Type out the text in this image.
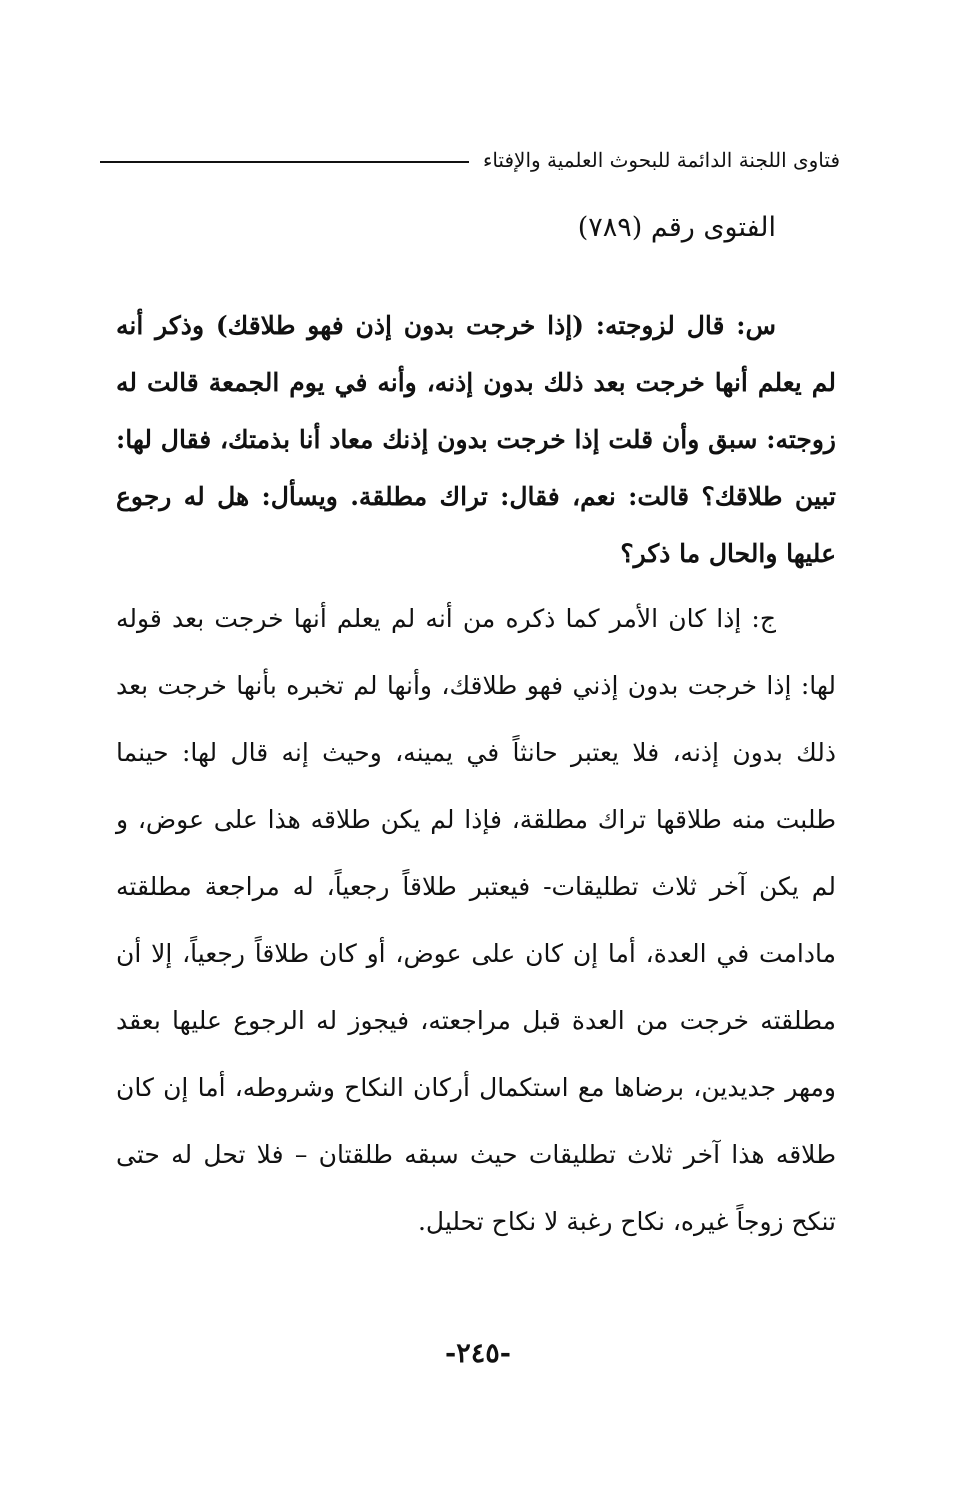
فتاوى اللجنة الدائمة للبحوث العلمية والإفتاء
الفتوى رقم (٧٨٩)

س: قال لزوجته: (إذا خرجت بدون إذن فهو طلاقك) وذكر أنه لم يعلم أنها خرجت بعد ذلك بدون إذنه، وأنه في يوم الجمعة قالت له زوجته: سبق وأن قلت إذا خرجت بدون إذنك معاد أنا بذمتك، فقال لها: تبين طلاقك؟ قالت: نعم، فقال: تراك مطلقة. ويسأل: هل له رجوع عليها والحال ما ذكر؟

ج: إذا كان الأمر كما ذكره من أنه لم يعلم أنها خرجت بعد قوله لها: إذا خرجت بدون إذني فهو طلاقك، وأنها لم تخبره بأنها خرجت بعد ذلك بدون إذنه، فلا يعتبر حانثاً في يمينه، وحيث إنه قال لها: حينما طلبت منه طلاقها تراك مطلقة، فإذا لم يكن طلاقه هذا على عوض، و لم يكن آخر ثلاث تطليقات- فيعتبر طلاقاً رجعياً، له مراجعة مطلقته مادامت في العدة، أما إن كان على عوض، أو كان طلاقاً رجعياً، إلا أن مطلقته خرجت من العدة قبل مراجعته، فيجوز له الرجوع عليها بعقد ومهر جديدين، برضاها مع استكمال أركان النكاح وشروطه، أما إن كان طلاقه هذا آخر ثلاث تطليقات حيث سبقه طلقتان – فلا تحل له حتى تنكح زوجاً غيره، نكاح رغبة لا نكاح تحليل.

-٢٤٥-
